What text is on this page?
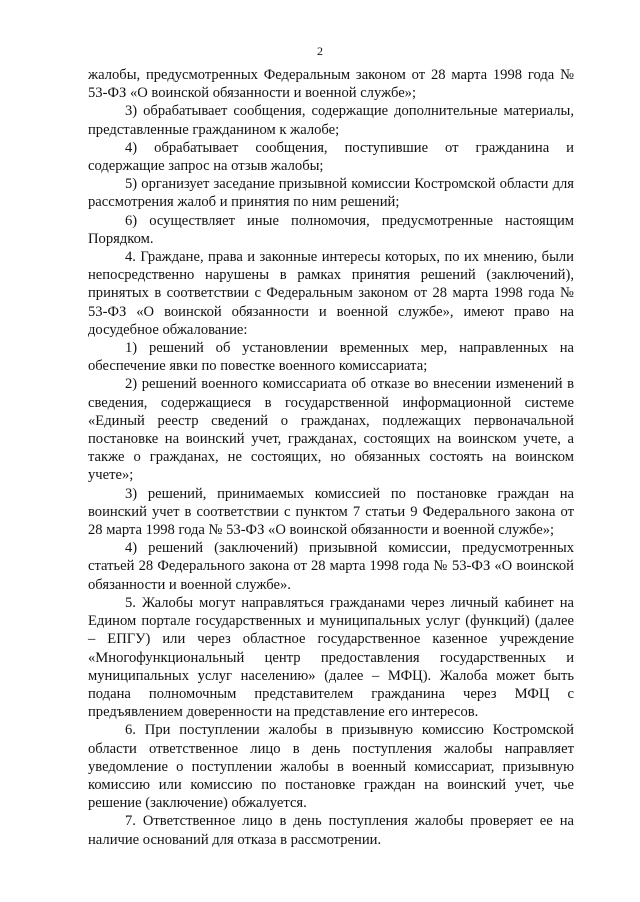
2

жалобы, предусмотренных Федеральным законом от 28 марта 1998 года № 53-ФЗ «О воинской обязанности и военной службе»;

3) обрабатывает сообщения, содержащие дополнительные материалы, представленные гражданином к жалобе;

4) обрабатывает сообщения, поступившие от гражданина и содержащие запрос на отзыв жалобы;

5) организует заседание призывной комиссии Костромской области для рассмотрения жалоб и принятия по ним решений;

6) осуществляет иные полномочия, предусмотренные настоящим Порядком.

4. Граждане, права и законные интересы которых, по их мнению, были непосредственно нарушены в рамках принятия решений (заключений), принятых в соответствии с Федеральным законом от 28 марта 1998 года № 53-ФЗ «О воинской обязанности и военной службе», имеют право на досудебное обжалование:

1) решений об установлении временных мер, направленных на обеспечение явки по повестке военного комиссариата;

2) решений военного комиссариата об отказе во внесении изменений в сведения, содержащиеся в государственной информационной системе «Единый реестр сведений о гражданах, подлежащих первоначальной постановке на воинский учет, гражданах, состоящих на воинском учете, а также о гражданах, не состоящих, но обязанных состоять на воинском учете»;

3) решений, принимаемых комиссией по постановке граждан на воинский учет в соответствии с пунктом 7 статьи 9 Федерального закона от 28 марта 1998 года № 53-ФЗ «О воинской обязанности и военной службе»;

4) решений (заключений) призывной комиссии, предусмотренных статьей 28 Федерального закона от 28 марта 1998 года № 53-ФЗ «О воинской обязанности и военной службе».

5. Жалобы могут направляться гражданами через личный кабинет на Едином портале государственных и муниципальных услуг (функций) (далее – ЕПГУ) или через областное государственное казенное учреждение «Многофункциональный центр предоставления государственных и муниципальных услуг населению» (далее – МФЦ). Жалоба может быть подана полномочным представителем гражданина через МФЦ с предъявлением доверенности на представление его интересов.

6. При поступлении жалобы в призывную комиссию Костромской области ответственное лицо в день поступления жалобы направляет уведомление о поступлении жалобы в военный комиссариат, призывную комиссию или комиссию по постановке граждан на воинский учет, чье решение (заключение) обжалуется.

7. Ответственное лицо в день поступления жалобы проверяет ее на наличие оснований для отказа в рассмотрении.
